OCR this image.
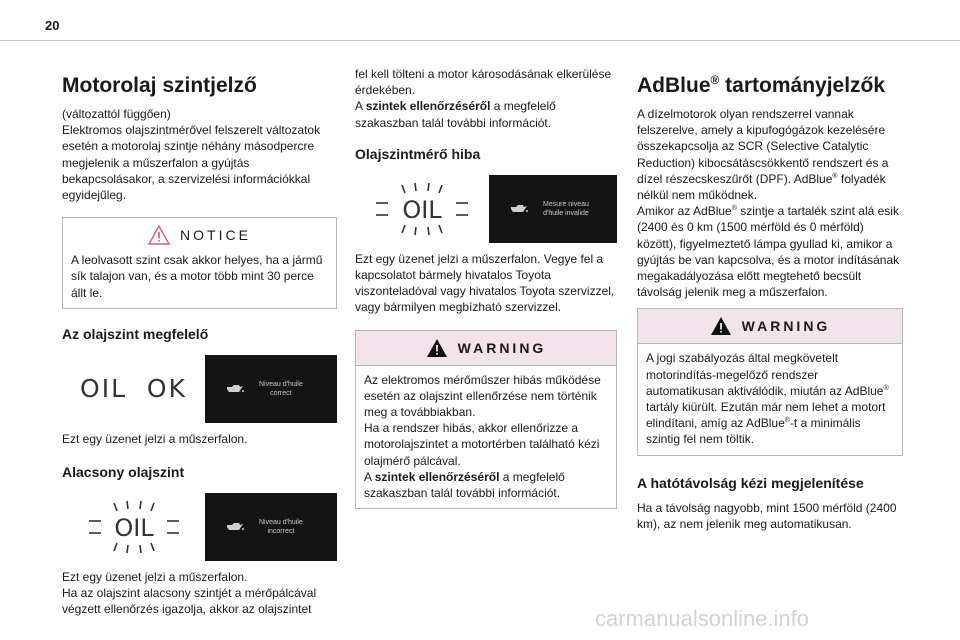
20
Motorolaj szintjelző

(változattól függően)
Elektromos olajszintmérővel felszerelt változatok esetén a motorolaj szintje néhány másodpercre megjelenik a műszerfalon a gyújtás bekapcsolásakor, a szervizelési információkkal egyidejűleg.

NOTICE

A leolvasott szint csak akkor helyes, ha a jármű sík talajon van, és a motor több mint 30 perce állt le.

Az olajszint megfelelő
OIL  OK	Niveau d'huile
correct

Ezt egy üzenet jelzi a műszerfalon.

Alacsony olajszint
OIL	Niveau d'huile
incorrect

Ezt egy üzenet jelzi a műszerfalon.
Ha az olajszint alacsony szintjét a mérőpálcával végzett ellenőrzés igazolja, akkor az olajszintet

fel kell tölteni a motor károsodásának elkerülése érdekében.

A szintek ellenőrzéséről a megfelelő szakaszban talál további információt.

Olajszintmérő hiba
OIL	Mesure niveau
d'huile invalide

Ezt egy üzenet jelzi a műszerfalon. Vegye fel a kapcsolatot bármely hivatalos Toyota viszonteladóval vagy hivatalos Toyota szervizzel, vagy bármilyen megbízható szervizzel.

WARNING

Az elektromos mérőműszer hibás működése esetén az olajszint ellenőrzése nem történik meg a továbbiakban.
Ha a rendszer hibás, akkor ellenőrizze a motorolajszintet a motortérben található kézi olajmérő pálcával.

A szintek ellenőrzéséről a megfelelő szakaszban talál további információt.

AdBlue® tartományjelzők

A dízelmotorok olyan rendszerrel vannak felszerelve, amely a kipufogógázok kezelésére összekapcsolja az SCR (Selective Catalytic Reduction) kibocsátáscsökkentő rendszert és a dízel részecskeszűrőt (DPF). AdBlue® folyadék nélkül nem működnek.

Amikor az AdBlue® szintje a tartalék szint alá esik (2400 és 0 km (1500 mérföld és 0 mérföld) között), figyelmeztető lámpa gyullad ki, amikor a gyújtás be van kapcsolva, és a motor indításának megakadályozása előtt megtehető becsült távolság jelenik meg a műszerfalon.

WARNING

A jogi szabályozás által megkövetelt motorindítás-megelőző rendszer automatikusan aktiválódik, miután az AdBlue® tartály kiürült. Ezután már nem lehet a motort elindítani, amíg az AdBlue®-t a minimális szintig fel nem töltik.

A hatótávolság kézi megjelenítése

Ha a távolság nagyobb, mint 1500 mérföld (2400 km), az nem jelenik meg automatikusan.

carmanualsonline.info
